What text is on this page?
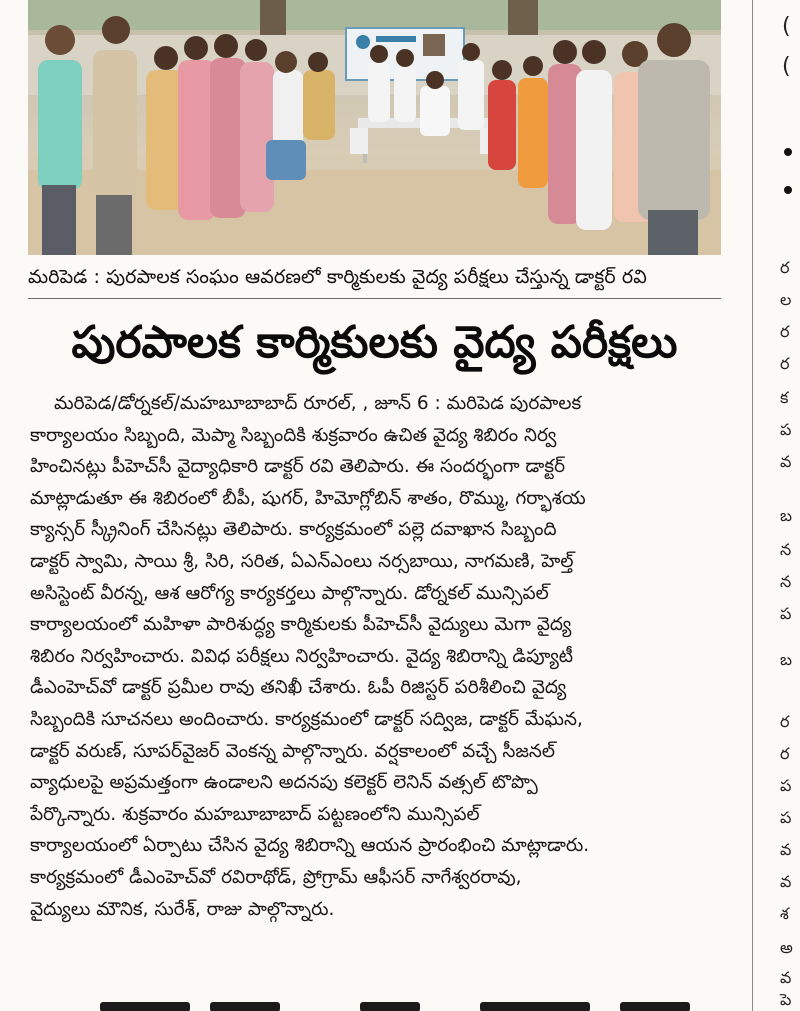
మరిపెడ : పురపాలక సంఘం ఆవరణలో కార్మికులకు వైద్య పరీక్షలు చేస్తున్న డాక్టర్ రవి
పురపాలక కార్మికులకు వైద్య పరీక్షలు
మరిపెడ/డోర్నకల్/మహబూబాబాద్ రూరల్, , జూన్ 6 : మరిపెడ పురపాలక
కార్యాలయం సిబ్బంది, మెప్మా సిబ్బందికి శుక్రవారం ఉచిత వైద్య శిబిరం నిర్వ
హించినట్లు పీహెచ్‌సీ వైద్యాధికారి డాక్టర్ రవి తెలిపారు. ఈ సందర్భంగా డాక్టర్
మాట్లాడుతూ ఈ శిబిరంలో బీపీ, షుగర్, హిమోగ్లోబిన్ శాతం, రొమ్ము, గర్భాశయ
క్యాన్సర్ స్క్రీనింగ్ చేసినట్లు తెలిపారు. కార్యక్రమంలో పల్లె దవాఖాన సిబ్బంది
డాక్టర్ స్వామి, సాయి శ్రీ, సిరి, సరిత, ఏఎన్ఎంలు నర్సబాయి, నాగమణి, హెల్త్
అసిస్టెంట్ వీరన్న, ఆశ ఆరోగ్య కార్యకర్తలు పాల్గొన్నారు. డోర్నకల్ మున్సిపల్
కార్యాలయంలో మహిళా పారిశుద్ధ్య కార్మికులకు పీహెచ్‌సీ వైద్యులు మెగా వైద్య
శిబిరం నిర్వహించారు. వివిధ పరీక్షలు నిర్వహించారు. వైద్య శిబిరాన్ని డిప్యూటీ
డీఎంహెచ్‌వో డాక్టర్ ప్రమీల రావు తనిఖీ చేశారు. ఓపీ రిజిస్టర్ పరిశీలించి వైద్య
సిబ్బందికి సూచనలు అందించారు. కార్యక్రమంలో డాక్టర్ సద్విజ, డాక్టర్ మేఘన,
డాక్టర్ వరుణ్, సూపర్‌వైజర్ వెంకన్న పాల్గొన్నారు. వర్షకాలంలో వచ్చే సీజనల్
వ్యాధులపై అప్రమత్తంగా ఉండాలని అదనపు కలెక్టర్ లెనిన్ వత్సల్ టొప్పొ
పేర్కొన్నారు. శుక్రవారం మహబూబాబాద్ పట్టణంలోని మున్సిపల్
కార్యాలయంలో ఏర్పాటు చేసిన వైద్య శిబిరాన్ని ఆయన ప్రారంభించి మాట్లాడారు.
కార్యక్రమంలో డీఎంహెచ్‌వో రవిరాథోడ్, ప్రోగ్రామ్ ఆఫీసర్ నాగేశ్వరరావు,
వైద్యులు మౌనిక, సురేశ్, రాజు పాల్గొన్నారు.
(
(
ర
ల
ర
ర
క
ప
వ
బ
న
న
ప
బ
ర
ర
ప
ప
వ
వ
శ
అ
వ
పె
